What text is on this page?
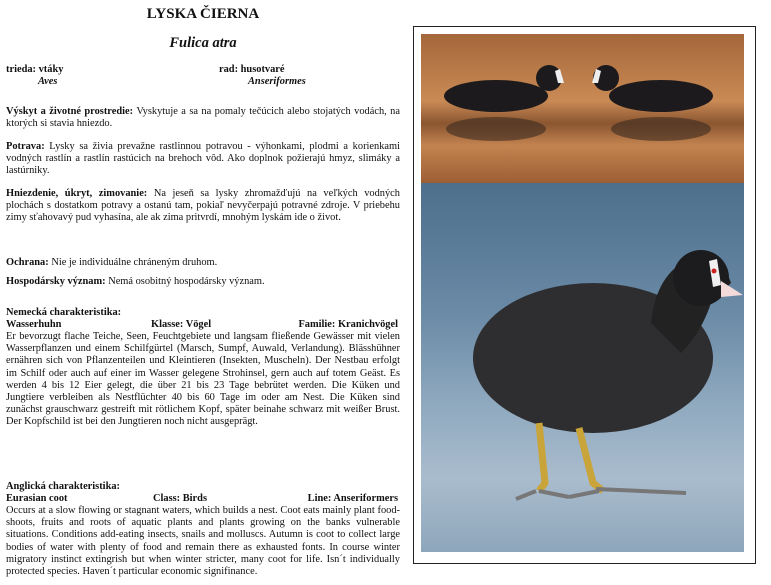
LYSKA ČIERNA
Fulica atra
trieda: vtáky	rad: husotvaré
Aves	Anseriformes

Výskyt a životné prostredie: Vyskytuje a sa na pomaly tečúcich alebo stojatých vodách, na ktorých si stavia hniezdo.

Potrava: Lysky sa živia prevažne rastlinnou potravou - výhonkami, plodmi a korienkami vodných rastlín a rastlín rastúcich na brehoch vôd. Ako doplnok požierajú hmyz, slimáky a lastúrniky.

Hniezdenie, úkryt, zimovanie: Na jeseň sa lysky zhromažďujú na veľkých vodných plochách s dostatkom potravy a ostanú tam, pokiaľ nevyčerpajú potravné zdroje. V priebehu zimy sťahovavý pud vyhasína, ale ak zima pritvrdí, mnohým lyskám ide o život.

Ochrana: Nie je individuálne chráneným druhom.

Hospodársky význam: Nemá osobitný hospodársky význam.

Nemecká charakteristika:
Wasserhuhn	Klasse: Vögel	Familie: Kranichvögel

Er bevorzugt flache Teiche, Seen, Feuchtgebiete und langsam fließende Gewässer mit vielen Wasserpflanzen und einem Schilfgürtel (Marsch, Sumpf, Auwald, Verlandung). Blässhühner ernähren sich von Pflanzenteilen und Kleintieren (Insekten, Muscheln). Der Nestbau erfolgt im Schilf oder auch auf einer im Wasser gelegene Strohinsel, gern auch auf totem Geäst. Es werden 4 bis 12 Eier gelegt, die über 21 bis 23 Tage bebrütet werden. Die Küken und Jungtiere verbleiben als Nestflüchter 40 bis 60 Tage im oder am Nest. Die Küken sind zunächst grauschwarz gestreift mit rötlichem Kopf, später beinahe schwarz mit weißer Brust. Der Kopfschild ist bei den Jungtieren noch nicht ausgeprägt.

Anglická charakteristika:
Eurasian coot	Class: Birds	Line: Anseriformers

Occurs at a slow flowing or stagnant waters, which builds a nest. Coot eats mainly plant food-shoots, fruits and roots of aquatic plants and plants growing on the banks vulnerable situations. Conditions add-eating insects, snails and molluscs. Autumn is coot to collect large bodies of water with plenty of food and remain there as exhausted fonts. In course winter migratory instinct extingrish but when winter stricter, many coot for life. Isn´t individually protected species. Haven´t particular economic signifinance.
